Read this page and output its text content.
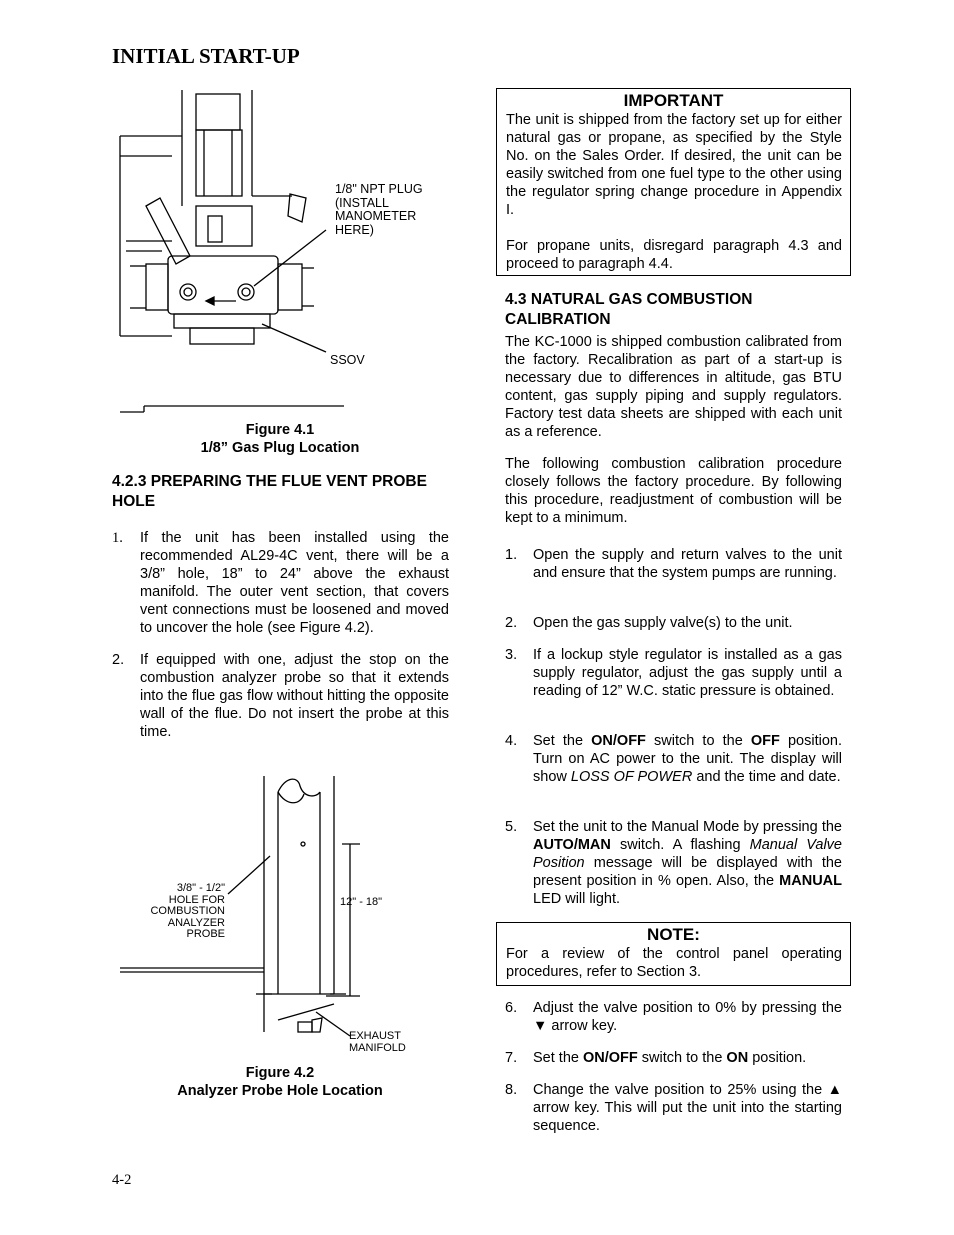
INITIAL START-UP
1/8" NPT PLUG (INSTALL MANOMETER HERE)
SSOV
Figure 4.1
1/8” Gas Plug Location
4.2.3 PREPARING THE FLUE VENT PROBE HOLE
1. If the unit has been installed using the recommended AL29-4C vent, there will be a 3/8” hole, 18” to 24” above the exhaust manifold. The outer vent section, that covers vent connections must be loosened and moved to uncover the hole (see Figure 4.2).
2. If equipped with one, adjust the stop on the combustion analyzer probe so that it extends into the flue gas flow without hitting the opposite wall of the flue. Do not insert the probe at this time.
3/8" - 1/2" HOLE FOR COMBUSTION ANALYZER PROBE
12" - 18"
EXHAUST MANIFOLD
Figure 4.2
Analyzer Probe Hole Location
IMPORTANT
The unit is shipped from the factory set up for either natural gas or propane, as specified by the Style No. on the Sales Order. If desired, the unit can be easily switched from one fuel type to the other using the regulator spring change procedure in Appendix I.
For propane units, disregard paragraph 4.3 and proceed to paragraph 4.4.
4.3 NATURAL GAS COMBUSTION CALIBRATION
The KC-1000 is shipped combustion calibrated from the factory. Recalibration as part of a start-up is necessary due to differences in altitude, gas BTU content, gas supply piping and supply regulators. Factory test data sheets are shipped with each unit as a reference.
The following combustion calibration procedure closely follows the factory procedure. By following this procedure, readjustment of combustion will be kept to a minimum.
1. Open the supply and return valves to the unit and ensure that the system pumps are running.
2. Open the gas supply valve(s) to the unit.
3. If a lockup style regulator is installed as a gas supply regulator, adjust the gas supply until a reading of 12” W.C. static pressure is obtained.
4. Set the ON/OFF switch to the OFF position. Turn on AC power to the unit. The display will show LOSS OF POWER and the time and date.
5. Set the unit to the Manual Mode by pressing the AUTO/MAN switch. A flashing Manual Valve Position message will be displayed with the present position in % open. Also, the MANUAL LED will light.
NOTE:
For a review of the control panel operating procedures, refer to Section 3.
6. Adjust the valve position to 0% by pressing the ▼ arrow key.
7. Set the ON/OFF switch to the ON position.
8. Change the valve position to 25% using the ▲ arrow key. This will put the unit into the starting sequence.
4-2
